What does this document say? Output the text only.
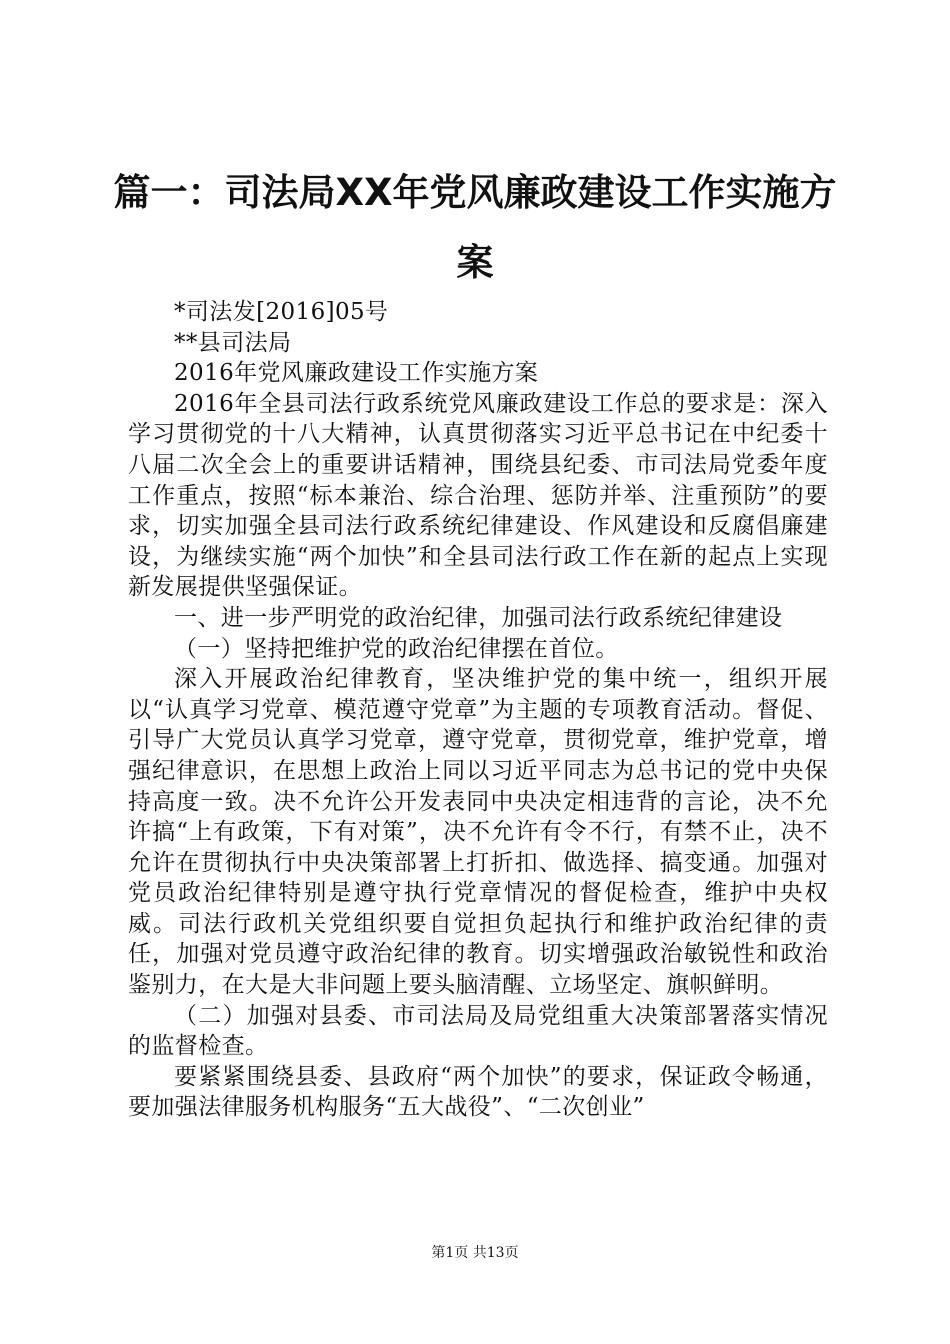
篇一：司法局XX年党风廉政建设工作实施方案

*司法发[2016]05号

**县司法局

2016年党风廉政建设工作实施方案

2016年全县司法行政系统党风廉政建设工作总的要求是：深入学习贯彻党的十八大精神，认真贯彻落实习近平总书记在中纪委十八届二次全会上的重要讲话精神，围绕县纪委、市司法局党委年度工作重点，按照“标本兼治、综合治理、惩防并举、注重预防”的要求，切实加强全县司法行政系统纪律建设、作风建设和反腐倡廉建设，为继续实施“两个加快”和全县司法行政工作在新的起点上实现新发展提供坚强保证。

一、进一步严明党的政治纪律，加强司法行政系统纪律建设

（一）坚持把维护党的政治纪律摆在首位。

深入开展政治纪律教育，坚决维护党的集中统一，组织开展以“认真学习党章、模范遵守党章”为主题的专项教育活动。督促、引导广大党员认真学习党章，遵守党章，贯彻党章，维护党章，增强纪律意识，在思想上政治上同以习近平同志为总书记的党中央保持高度一致。决不允许公开发表同中央决定相违背的言论，决不允许搞“上有政策，下有对策”，决不允许有令不行，有禁不止，决不允许在贯彻执行中央决策部署上打折扣、做选择、搞变通。加强对党员政治纪律特别是遵守执行党章情况的督促检查，维护中央权威。司法行政机关党组织要自觉担负起执行和维护政治纪律的责任，加强对党员遵守政治纪律的教育。切实增强政治敏锐性和政治鉴别力，在大是大非问题上要头脑清醒、立场坚定、旗帜鲜明。

（二）加强对县委、市司法局及局党组重大决策部署落实情况的监督检查。

要紧紧围绕县委、县政府“两个加快”的要求，保证政令畅通，要加强法律服务机构服务“五大战役”、“二次创业”

第1页 共13页
